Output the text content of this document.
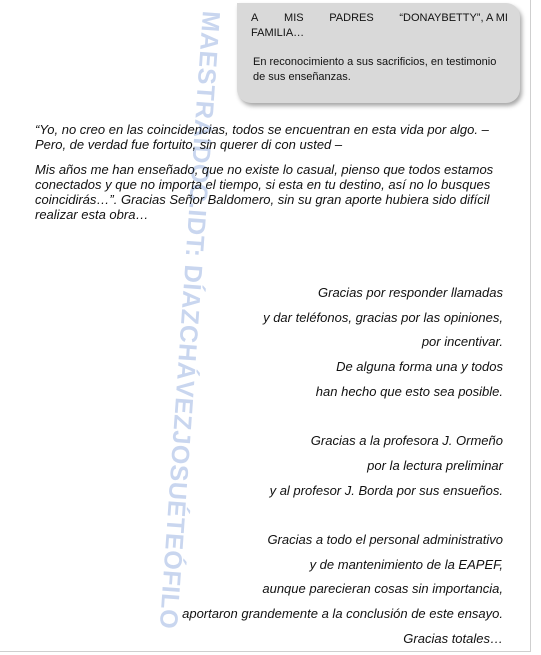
MAESTRAIDOC.IDT: DÍAZCHÁVEZJOSUÉTEÓFILO A MIS PADRES “DONAYBETTY”, A MI
FAMILIA…
En reconocimiento a sus sacrificios, en testimonio
de sus enseñanzas.
“Yo, no creo en las coincidencias, todos se encuentran en esta vida por algo. –
Pero, de verdad fue fortuito, sin querer di con usted –
Mis años me han enseñado, que no existe lo casual, pienso que todos estamos
conectados y que no importa el tiempo, si esta en tu destino, así no lo busques
coincidirás…”. Gracias Señor Baldomero, sin su gran aporte hubiera sido difícil
realizar esta obra…
Gracias por responder llamadas
y dar teléfonos, gracias por las opiniones,
por incentivar.
De alguna forma una y todos
han hecho que esto sea posible.
Gracias a la profesora J. Ormeño
por la lectura preliminar
y al profesor J. Borda por sus ensueños.
Gracias a todo el personal administrativo
y de mantenimiento de la EAPEF,
aunque parecieran cosas sin importancia,
aportaron grandemente a la conclusión de este ensayo.
Gracias totales…
